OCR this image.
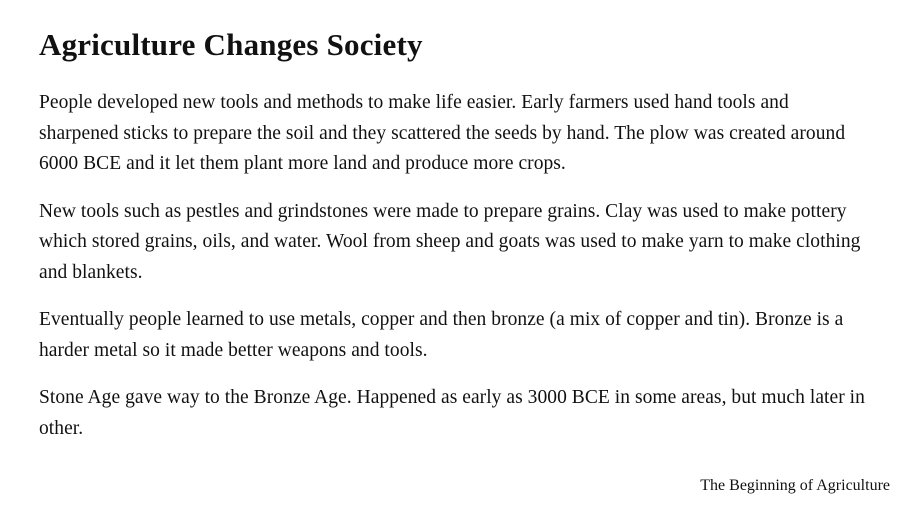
Agriculture Changes Society

People developed new tools and methods to make life easier. Early farmers used hand tools and sharpened sticks to prepare the soil and they scattered the seeds by hand. The plow was created around 6000 BCE and it let them plant more land and produce more crops.

New tools such as pestles and grindstones were made to prepare grains. Clay was used to make pottery which stored grains, oils, and water. Wool from sheep and goats was used to make yarn to make clothing and blankets.

Eventually people learned to use metals, copper and then bronze (a mix of copper and tin). Bronze is a harder metal so it made better weapons and tools.

Stone Age gave way to the Bronze Age. Happened as early as 3000 BCE in some areas, but much later in other.

The Beginning of Agriculture
